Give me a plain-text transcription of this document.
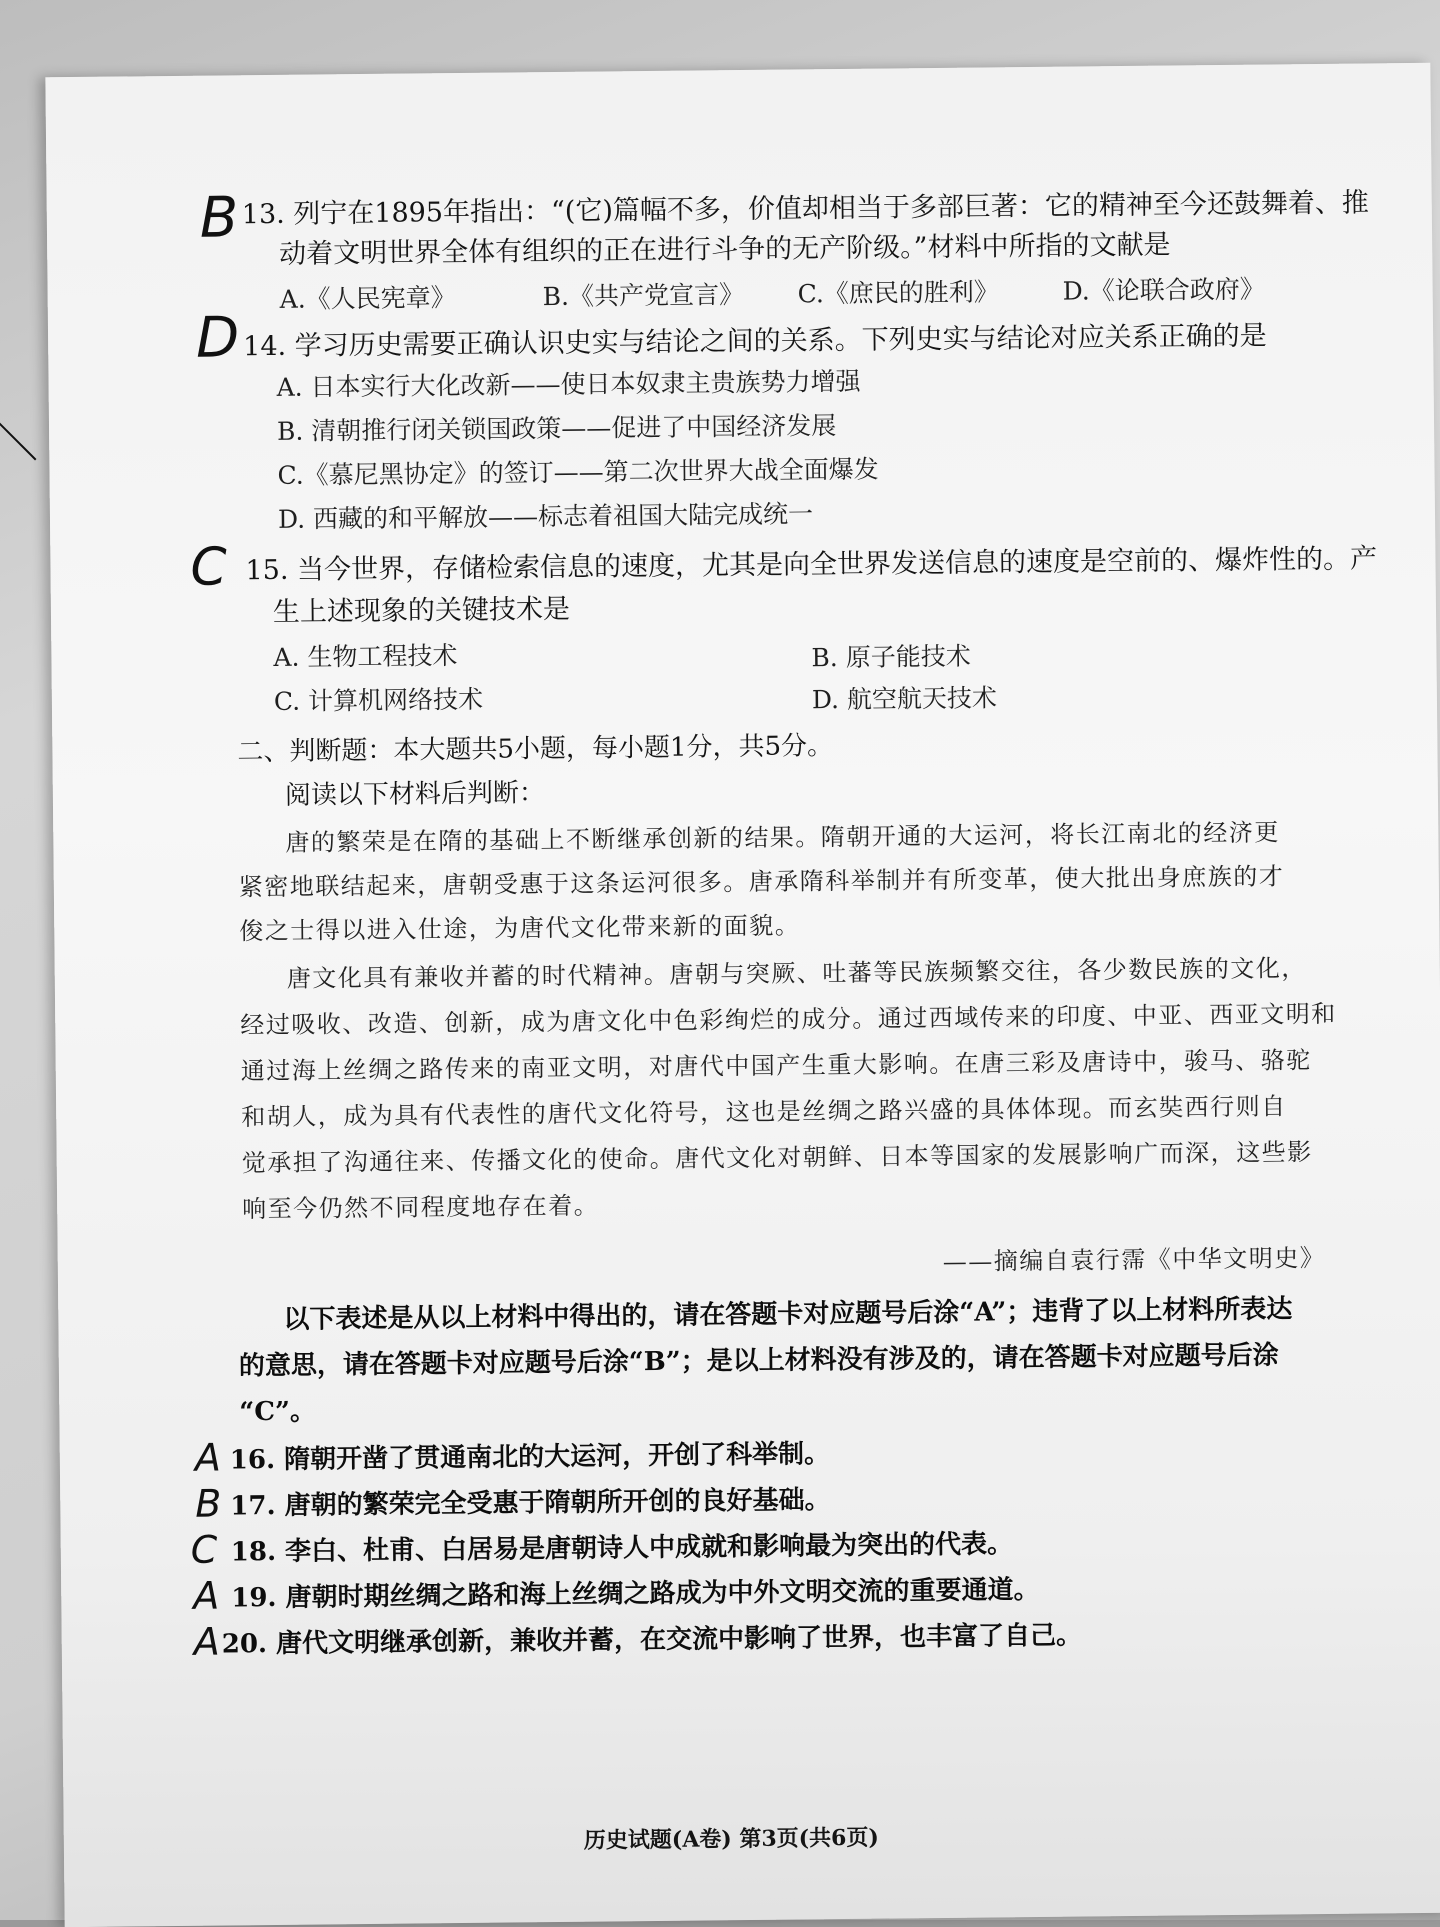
B 13. 列宁在1895年指出：“(它)篇幅不多，价值却相当于多部巨著：它的精神至今还鼓舞着、推
动着文明世界全体有组织的正在进行斗争的无产阶级。”材料中所指的文献是
A.《人民宪章》	B.《共产党宣言》 C.《庶民的胜利》	D.《论联合政府》
D 14. 学习历史需要正确认识史实与结论之间的关系。下列史实与结论对应关系正确的是
A. 日本实行大化改新——使日本奴隶主贵族势力增强
B. 清朝推行闭关锁国政策——促进了中国经济发展
C.《慕尼黑协定》的签订——第二次世界大战全面爆发
D. 西藏的和平解放——标志着祖国大陆完成统一
C 15. 当今世界，存储检索信息的速度，尤其是向全世界发送信息的速度是空前的、爆炸性的。产
生上述现象的关键技术是
A. 生物工程技术	B. 原子能技术
C. 计算机网络技术	D. 航空航天技术
二、判断题：本大题共5小题，每小题1分，共5分。
阅读以下材料后判断：
唐的繁荣是在隋的基础上不断继承创新的结果。隋朝开通的大运河，将长江南北的经济更
紧密地联结起来，唐朝受惠于这条运河很多。唐承隋科举制并有所变革，使大批出身庶族的才
俊之士得以进入仕途，为唐代文化带来新的面貌。
唐文化具有兼收并蓄的时代精神。唐朝与突厥、吐蕃等民族频繁交往，各少数民族的文化，
经过吸收、改造、创新，成为唐文化中色彩绚烂的成分。通过西域传来的印度、中亚、西亚文明和
通过海上丝绸之路传来的南亚文明，对唐代中国产生重大影响。在唐三彩及唐诗中，骏马、骆驼
和胡人，成为具有代表性的唐代文化符号，这也是丝绸之路兴盛的具体体现。而玄奘西行则自
觉承担了沟通往来、传播文化的使命。唐代文化对朝鲜、日本等国家的发展影响广而深，这些影
响至今仍然不同程度地存在着。
——摘编自袁行霈《中华文明史》
以下表述是从以上材料中得出的，请在答题卡对应题号后涂“A”；违背了以上材料所表达
的意思，请在答题卡对应题号后涂“B”；是以上材料没有涉及的，请在答题卡对应题号后涂
“C”。
A 16. 隋朝开凿了贯通南北的大运河，开创了科举制。
B 17. 唐朝的繁荣完全受惠于隋朝所开创的良好基础。
C 18. 李白、杜甫、白居易是唐朝诗人中成就和影响最为突出的代表。
A 19. 唐朝时期丝绸之路和海上丝绸之路成为中外文明交流的重要通道。
A 20. 唐代文明继承创新，兼收并蓄，在交流中影响了世界，也丰富了自己。
历史试题(A卷) 第3页(共6页)
